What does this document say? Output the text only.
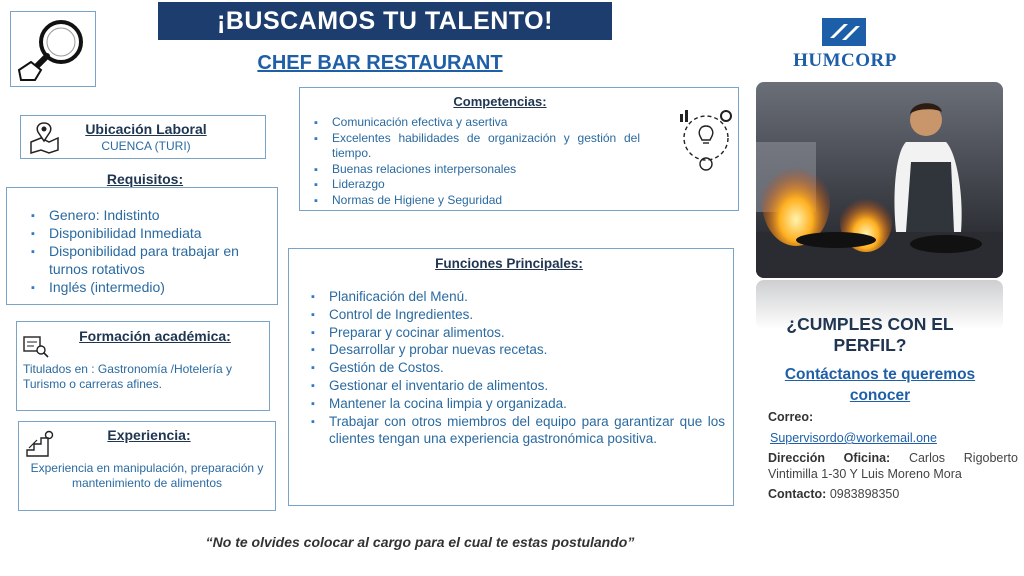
¡BUSCAMOS TU TALENTO!
CHEF BAR RESTAURANT	HUMCORP
Ubicación Laboral
CUENCA (TURI)
Requisitos:
▪ Genero: Indistinto
▪ Disponibilidad Inmediata
▪ Disponibilidad para trabajar en turnos rotativos
▪ Inglés (intermedio)
Formación académica:
Titulados en : Gastronomía /Hotelería y Turismo o carreras afines.
Experiencia:
Experiencia en manipulación, preparación y mantenimiento de alimentos
Competencias:
▪ Comunicación efectiva y asertiva
▪ Excelentes habilidades de organización y gestión del tiempo.
▪ Buenas relaciones interpersonales
▪ Liderazgo
▪ Normas de Higiene y Seguridad
Funciones Principales:
▪ Planificación del Menú.
▪ Control de Ingredientes.
▪ Preparar y cocinar alimentos.
▪ Desarrollar y probar nuevas recetas.
▪ Gestión de Costos.
▪ Gestionar el inventario de alimentos.
▪ Mantener la cocina limpia y organizada.
▪ Trabajar con otros miembros del equipo para garantizar que los clientes tengan una experiencia gastronómica positiva.
¿CUMPLES CON EL PERFIL?
Contáctanos te queremos conocer
Correo:
Supervisordo@workemail.one
Dirección Oficina: Carlos Rigoberto Vintimilla 1-30 Y Luis Moreno Mora
Contacto: 0983898350
“No te olvides colocar al cargo para el cual te estas postulando”
